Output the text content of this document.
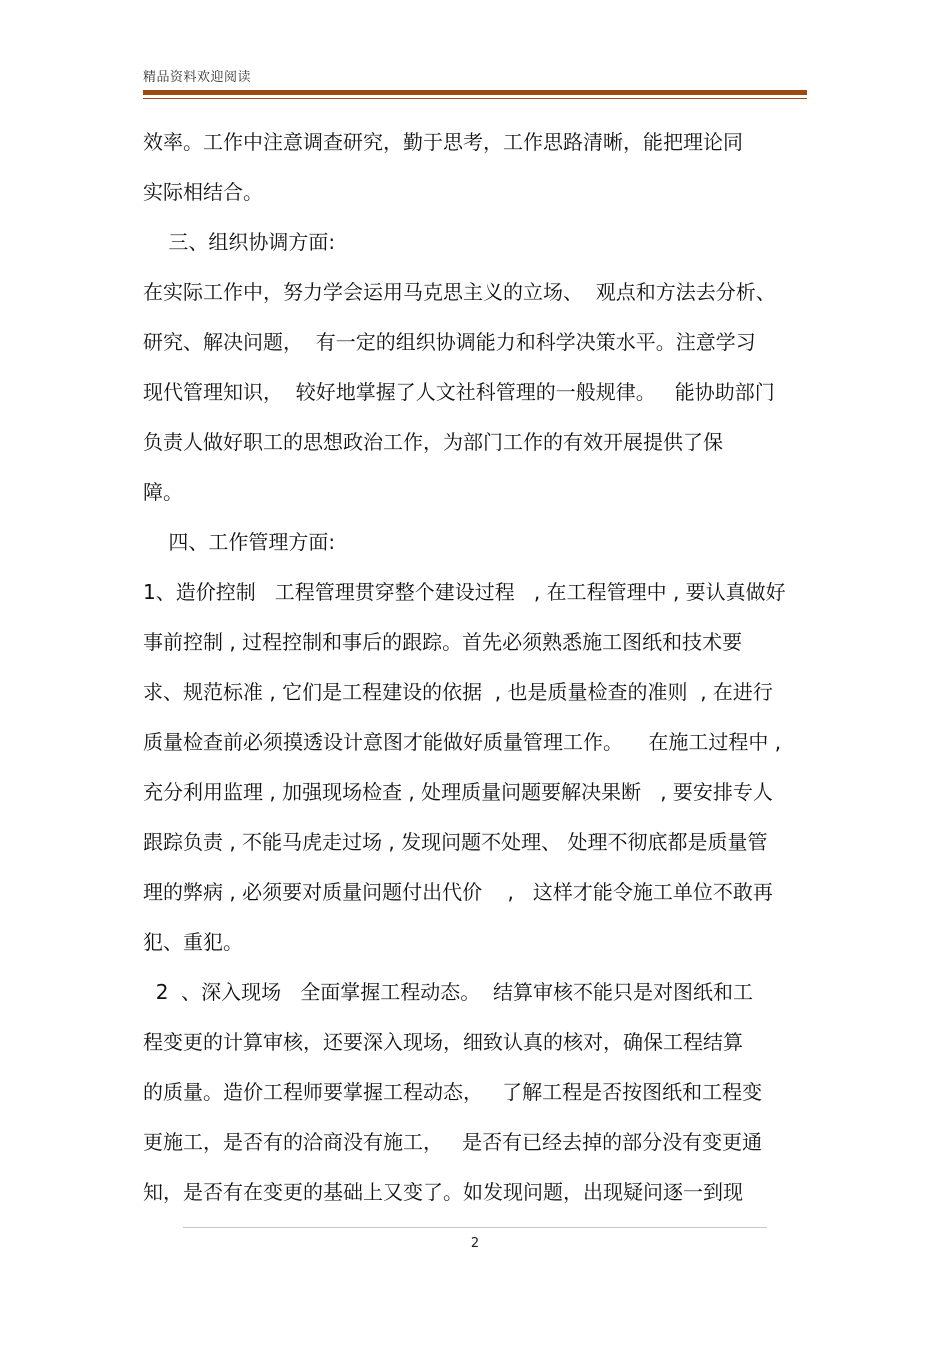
精品资料欢迎阅读
效率。工作中注意调查研究，勤于思考，工作思路清晰，能把理论同
实际相结合。
三、组织协调方面:
在实际工作中，努力学会运用马克思主义的立场、  观点和方法去分析、
研究、解决问题，  有一定的组织协调能力和科学决策水平。注意学习
现代管理知识，  较好地掌握了人文社科管理的一般规律。   能协助部门
负责人做好职工的思想政治工作，为部门工作的有效开展提供了保
障。
四、工作管理方面:
1、造价控制   工程管理贯穿整个建设过程   , 在工程管理中 , 要认真做好
事前控制 , 过程控制和事后的跟踪。首先必须熟悉施工图纸和技术要
求、规范标准 , 它们是工程建设的依据  , 也是质量检查的准则  , 在进行
质量检查前必须摸透设计意图才能做好质量管理工作。    在施工过程中 ,
充分利用监理 , 加强现场检查 , 处理质量问题要解决果断   , 要安排专人
跟踪负责 , 不能马虎走过场 , 发现问题不处理、 处理不彻底都是质量管
理的弊病 , 必须要对质量问题付出代价    ,   这样才能令施工单位不敢再
犯、重犯。
2  、深入现场   全面掌握工程动态。  结算审核不能只是对图纸和工
程变更的计算审核，还要深入现场，细致认真的核对，确保工程结算
的质量。造价工程师要掌握工程动态，   了解工程是否按图纸和工程变
更施工，是否有的洽商没有施工，   是否有已经去掉的部分没有变更通
知，是否有在变更的基础上又变了。如发现问题，出现疑问逐一到现
2
